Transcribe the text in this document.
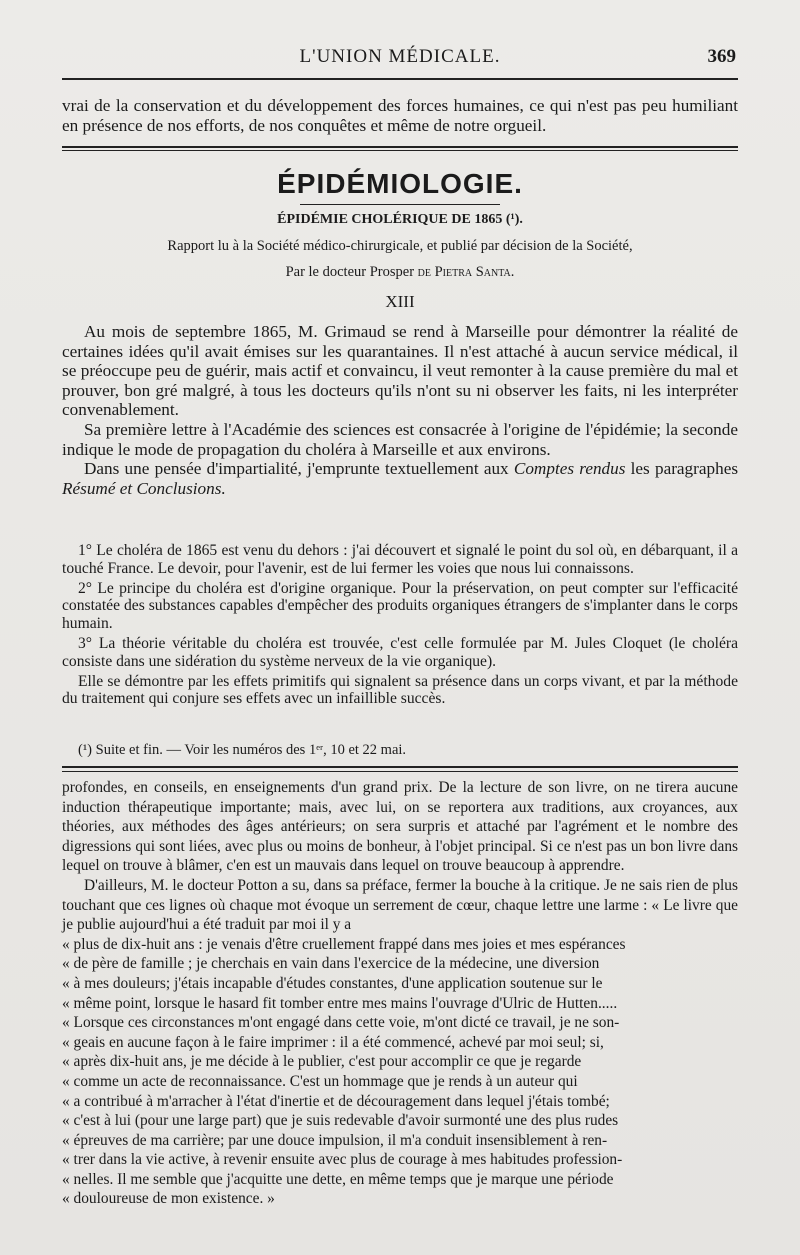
L'UNION MÉDICALE.	369

vrai de la conservation et du développement des forces humaines, ce qui n'est pas peu humiliant en présence de nos efforts, de nos conquêtes et même de notre orgueil.

ÉPIDÉMIOLOGIE.
ÉPIDÉMIE CHOLÉRIQUE DE 1865 (¹).
Rapport lu à la Société médico-chirurgicale, et publié par décision de la Société,
Par le docteur Prosper de Pietra Santa.
XIII

Au mois de septembre 1865, M. Grimaud se rend à Marseille pour démontrer la réalité de certaines idées qu'il avait émises sur les quarantaines. Il n'est attaché à aucun service médical, il se préoccupe peu de guérir, mais actif et convaincu, il veut remonter à la cause première du mal et prouver, bon gré malgré, à tous les docteurs qu'ils n'ont su ni observer les faits, ni les interpréter convenablement.

Sa première lettre à l'Académie des sciences est consacrée à l'origine de l'épidémie; la seconde indique le mode de propagation du choléra à Marseille et aux environs.

Dans une pensée d'impartialité, j'emprunte textuellement aux Comptes rendus les paragraphes Résumé et Conclusions.

1° Le choléra de 1865 est venu du dehors : j'ai découvert et signalé le point du sol où, en débarquant, il a touché France. Le devoir, pour l'avenir, est de lui fermer les voies que nous lui connaissons.

2° Le principe du choléra est d'origine organique. Pour la préservation, on peut compter sur l'efficacité constatée des substances capables d'empêcher des produits organiques étrangers de s'implanter dans le corps humain.

3° La théorie véritable du choléra est trouvée, c'est celle formulée par M. Jules Cloquet (le choléra consiste dans une sidération du système nerveux de la vie organique).

Elle se démontre par les effets primitifs qui signalent sa présence dans un corps vivant, et par la méthode du traitement qui conjure ses effets avec un infaillible succès.

(¹) Suite et fin. — Voir les numéros des 1ᵉʳ, 10 et 22 mai.

profondes, en conseils, en enseignements d'un grand prix. De la lecture de son livre, on ne tirera aucune induction thérapeutique importante; mais, avec lui, on se reportera aux traditions, aux croyances, aux théories, aux méthodes des âges antérieurs; on sera surpris et attaché par l'agrément et le nombre des digressions qui sont liées, avec plus ou moins de bonheur, à l'objet principal. Si ce n'est pas un bon livre dans lequel on trouve à blâmer, c'en est un mauvais dans lequel on trouve beaucoup à apprendre.

D'ailleurs, M. le docteur Potton a su, dans sa préface, fermer la bouche à la critique. Je ne sais rien de plus touchant que ces lignes où chaque mot évoque un serrement de cœur, chaque lettre une larme : « Le livre que je publie aujourd'hui a été traduit par moi il y a

« plus de dix-huit ans : je venais d'être cruellement frappé dans mes joies et mes espérances
« de père de famille ; je cherchais en vain dans l'exercice de la médecine, une diversion
« à mes douleurs; j'étais incapable d'études constantes, d'une application soutenue sur le
« même point, lorsque le hasard fit tomber entre mes mains l'ouvrage d'Ulric de Hutten.....
« Lorsque ces circonstances m'ont engagé dans cette voie, m'ont dicté ce travail, je ne son-
« geais en aucune façon à le faire imprimer : il a été commencé, achevé par moi seul; si,
« après dix-huit ans, je me décide à le publier, c'est pour accomplir ce que je regarde
« comme un acte de reconnaissance. C'est un hommage que je rends à un auteur qui
« a contribué à m'arracher à l'état d'inertie et de découragement dans lequel j'étais tombé;
« c'est à lui (pour une large part) que je suis redevable d'avoir surmonté une des plus rudes
« épreuves de ma carrière; par une douce impulsion, il m'a conduit insensiblement à ren-
« trer dans la vie active, à revenir ensuite avec plus de courage à mes habitudes profession-
« nelles. Il me semble que j'acquitte une dette, en même temps que je marque une période
« douloureuse de mon existence. »
